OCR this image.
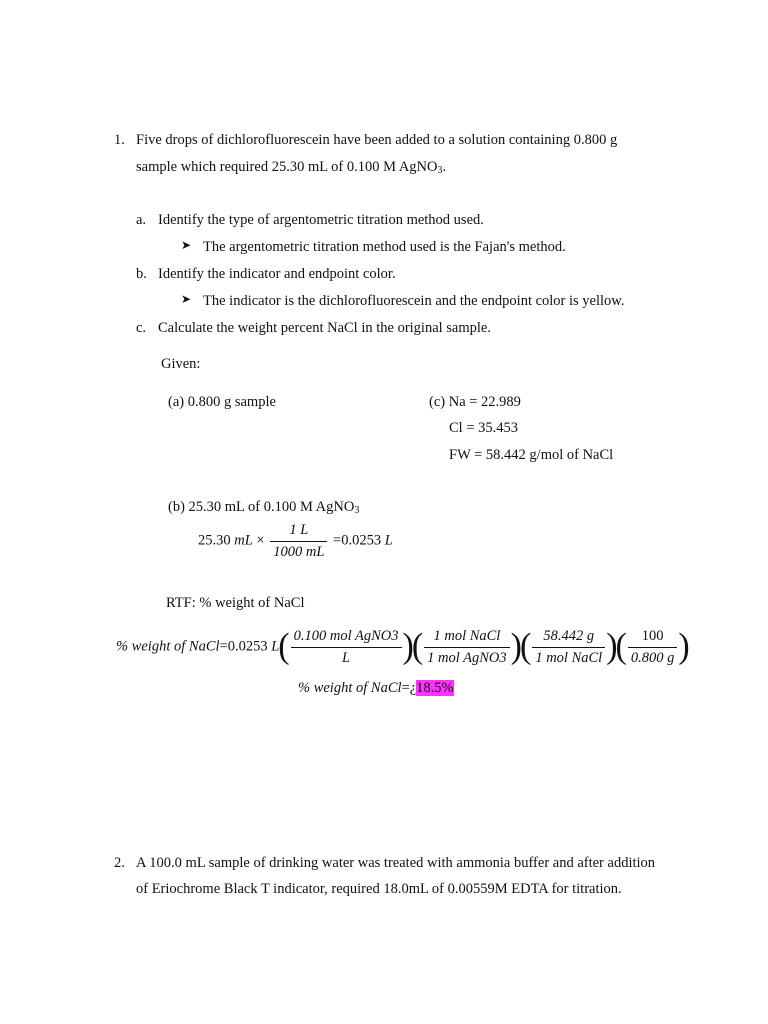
1. Five drops of dichlorofluorescein have been added to a solution containing 0.800 g
sample which required 25.30 mL of 0.100 M AgNO$_3$.
a. Identify the type of argentometric titration method used.
➤ The argentometric titration method used is the Fajan's method.
b. Identify the indicator and endpoint color.
➤ The indicator is the dichlorofluorescein and the endpoint color is yellow.
c. Calculate the weight percent NaCl in the original sample.
Given:
(a) 0.800 g sample	(c) Na = 22.989
Cl = 35.453
FW = 58.442 g/mol of NaCl
(b) 25.30 mL of 0.100 M AgNO$_3$
25.30 mL × $\frac{1 L}{1000 mL} =0.0253$ L
RTF: % weight of NaCl
% weight of NaCl=0.0253 $L( \frac{\text{0.100 mol AgNO3}}{L}$ )( $\frac{\text{1 mol NaCl}}{\text{1 mol AgNO3}}$ )( $\frac{58.442 g}{\text{1 mol NaCl}}$ )( $\frac{100}{0.800 g}$ )
% weight of NaCl=¿18.5%
2. A 100.0 mL sample of drinking water was treated with ammonia buffer and after addition
of Eriochrome Black T indicator, required 18.0mL of 0.00559M EDTA for titration.
